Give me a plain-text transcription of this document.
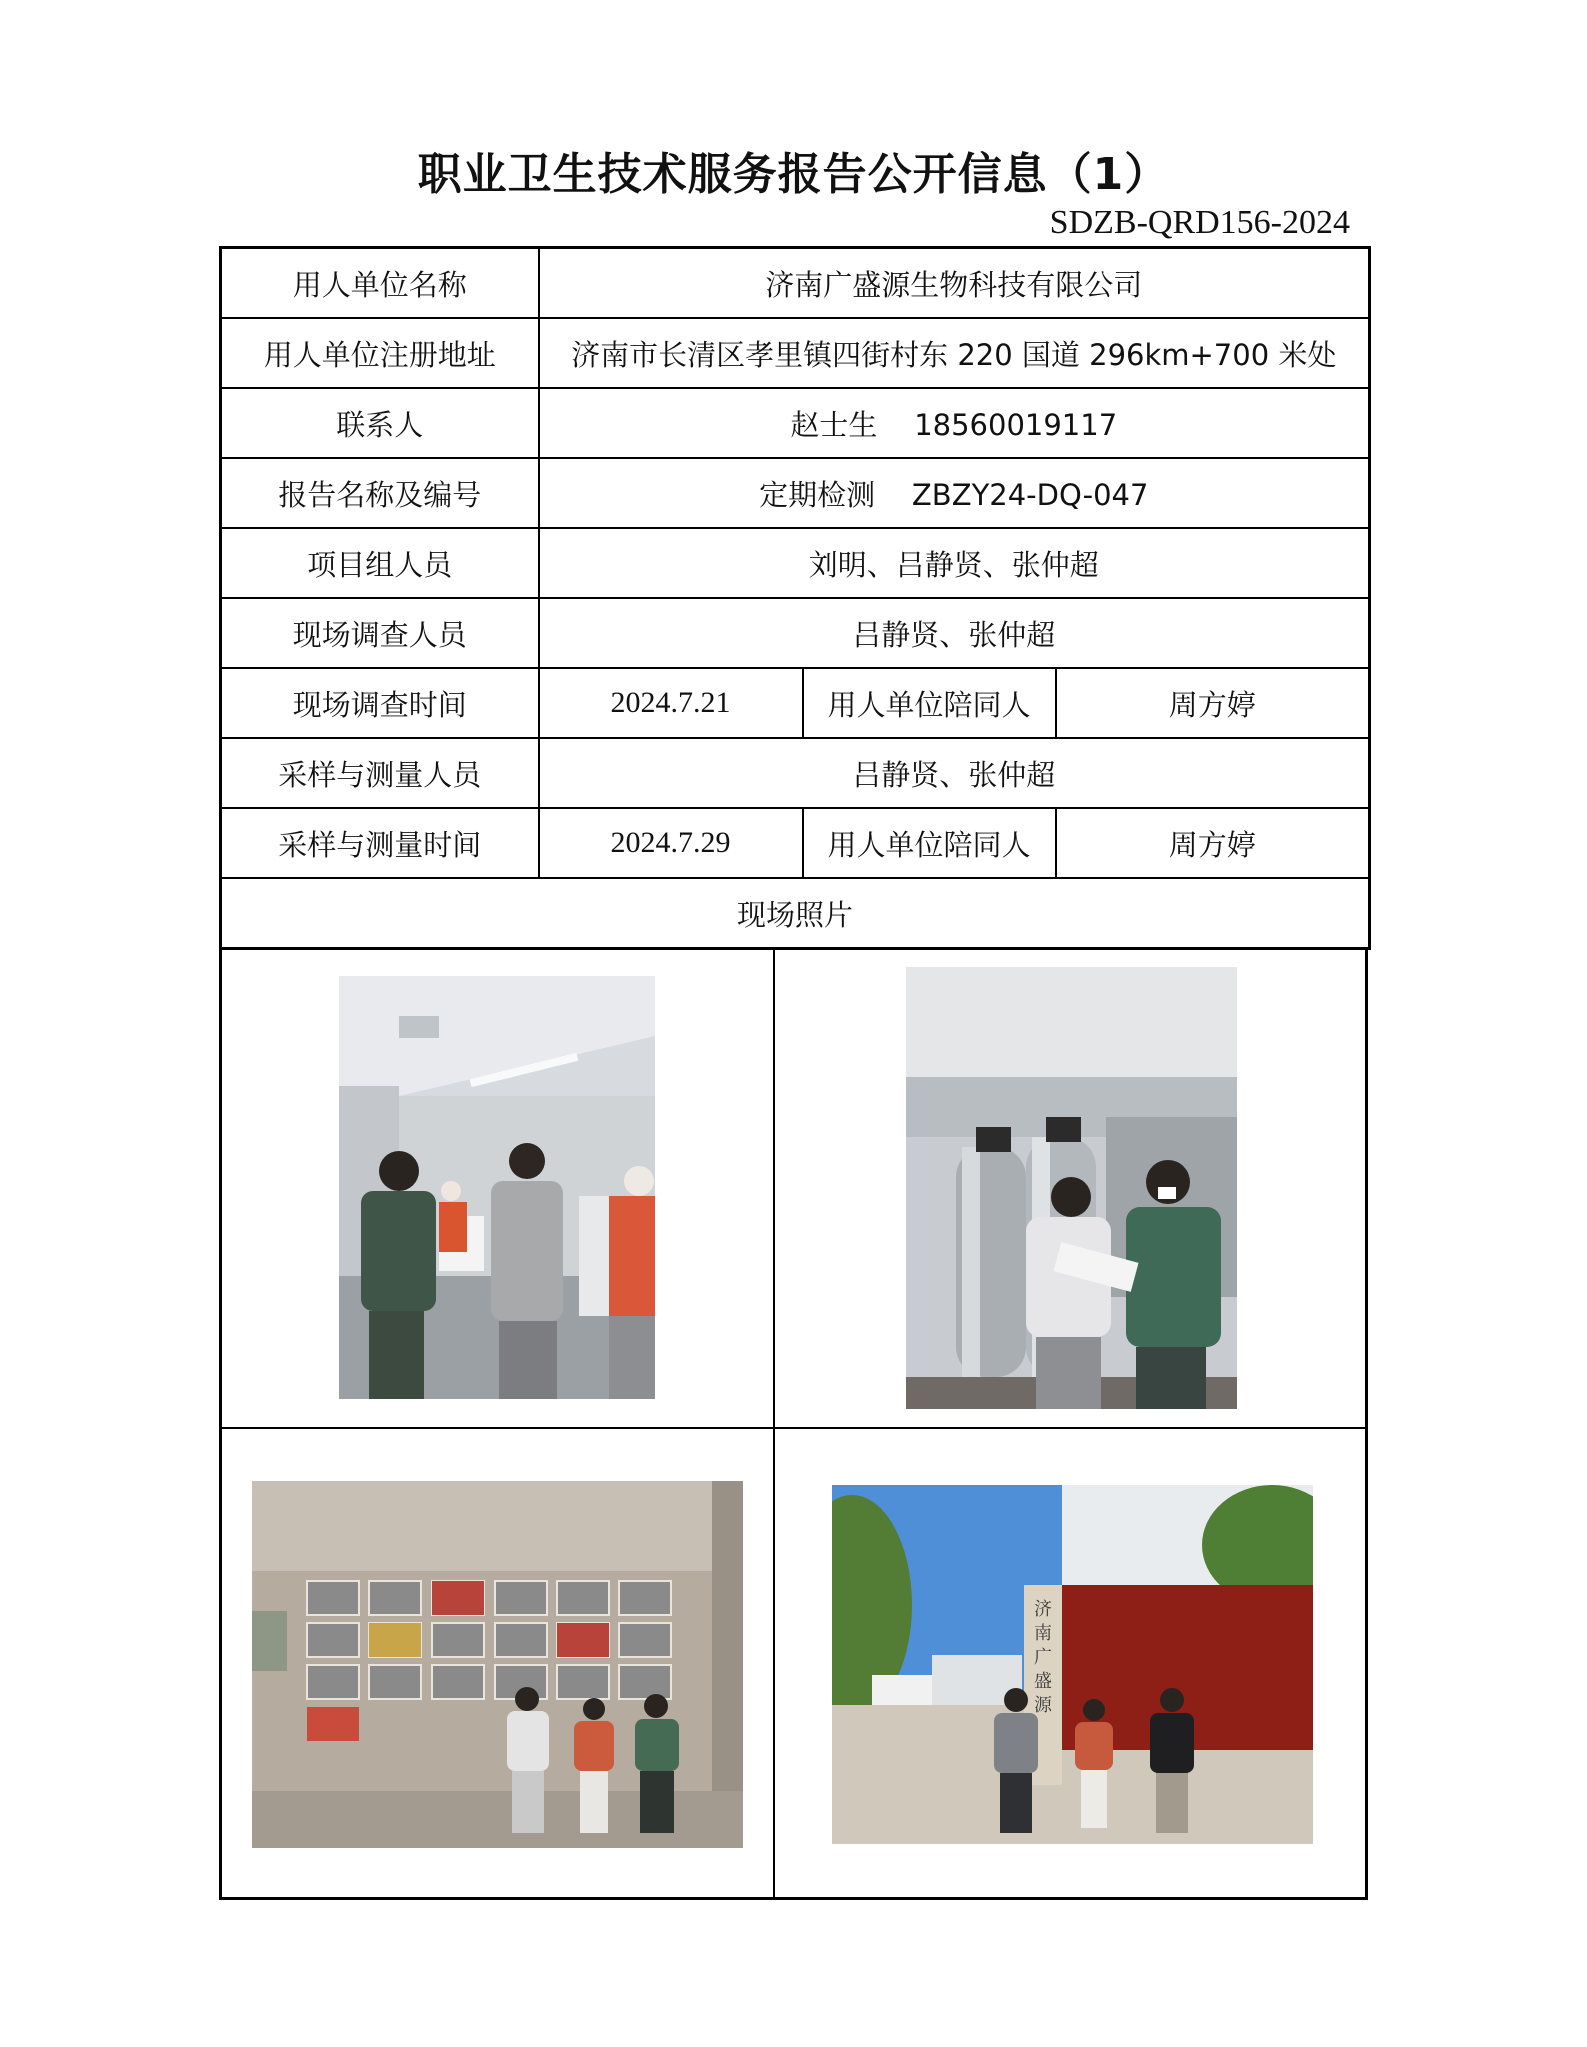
职业卫生技术服务报告公开信息（1）
SDZB-QRD156-2024
用人单位名称	济南广盛源生物科技有限公司		
用人单位注册地址	济南市长清区孝里镇四街村东 220 国道 296km+700 米处		
联系人	赵士生    18560019117		
报告名称及编号	定期检测    ZBZY24-DQ-047		
项目组人员	刘明、吕静贤、张仲超		
现场调查人员	吕静贤、张仲超		
现场调查时间	2024.7.21	用人单位陪同人	周方婷
采样与测量人员	吕静贤、张仲超		
采样与测量时间	2024.7.29	用人单位陪同人	周方婷
现场照片			
济南广盛源
